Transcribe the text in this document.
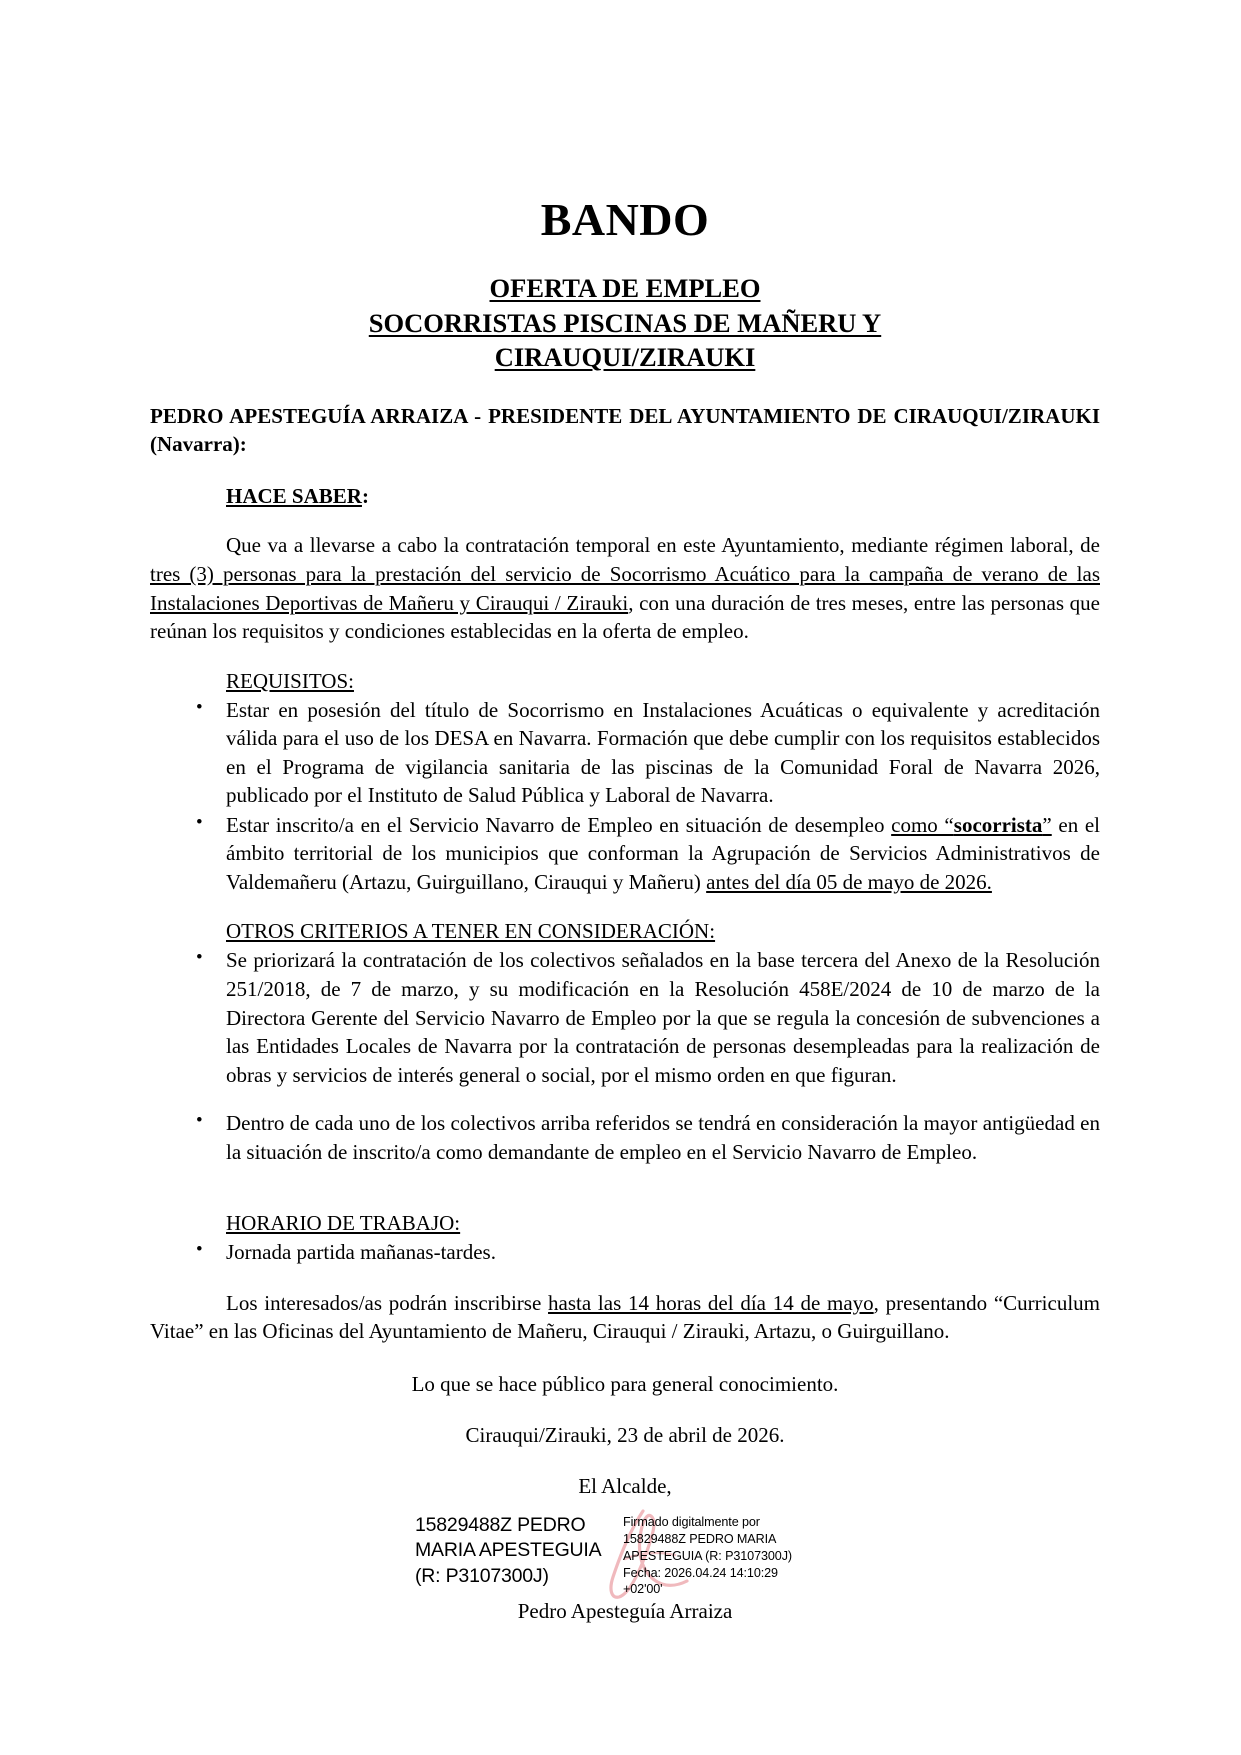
BANDO
OFERTA DE EMPLEO
SOCORRISTAS PISCINAS DE MAÑERU Y
CIRAUQUI/ZIRAUKI
PEDRO APESTEGUÍA ARRAIZA - PRESIDENTE DEL AYUNTAMIENTO DE CIRAUQUI/ZIRAUKI (Navarra):
HACE SABER:

Que va a llevarse a cabo la contratación temporal en este Ayuntamiento, mediante régimen laboral, de tres (3) personas para la prestación del servicio de Socorrismo Acuático para la campaña de verano de las Instalaciones Deportivas de Mañeru y Cirauqui / Zirauki, con una duración de tres meses, entre las personas que reúnan los requisitos y condiciones establecidas en la oferta de empleo.

REQUISITOS:
• Estar en posesión del título de Socorrismo en Instalaciones Acuáticas o equivalente y acreditación válida para el uso de los DESA en Navarra. Formación que debe cumplir con los requisitos establecidos en el Programa de vigilancia sanitaria de las piscinas de la Comunidad Foral de Navarra 2026, publicado por el Instituto de Salud Pública y Laboral de Navarra.
• Estar inscrito/a en el Servicio Navarro de Empleo en situación de desempleo como “socorrista” en el ámbito territorial de los municipios que conforman la Agrupación de Servicios Administrativos de Valdemañeru (Artazu, Guirguillano, Cirauqui y Mañeru) antes del día 05 de mayo de 2026.
OTROS CRITERIOS A TENER EN CONSIDERACIÓN:
• Se priorizará la contratación de los colectivos señalados en la base tercera del Anexo de la Resolución 251/2018, de 7 de marzo, y su modificación en la Resolución 458E/2024 de 10 de marzo de la Directora Gerente del Servicio Navarro de Empleo por la que se regula la concesión de subvenciones a las Entidades Locales de Navarra por la contratación de personas desempleadas para la realización de obras y servicios de interés general o social, por el mismo orden en que figuran.
• Dentro de cada uno de los colectivos arriba referidos se tendrá en consideración la mayor antigüedad en la situación de inscrito/a como demandante de empleo en el Servicio Navarro de Empleo.
HORARIO DE TRABAJO:
• Jornada partida mañanas-tardes.

Los interesados/as podrán inscribirse hasta las 14 horas del día 14 de mayo, presentando “Curriculum Vitae” en las Oficinas del Ayuntamiento de Mañeru, Cirauqui / Zirauki, Artazu, o Guirguillano.

Lo que se hace público para general conocimiento.
Cirauqui/Zirauki, 23 de abril de 2026.
El Alcalde,
15829488Z PEDRO
MARIA APESTEGUIA
(R: P3107300J)
Firmado digitalmente por
15829488Z PEDRO MARIA
APESTEGUIA (R: P3107300J)
Fecha: 2026.04.24 14:10:29
+02'00'
Pedro Apesteguía Arraiza
